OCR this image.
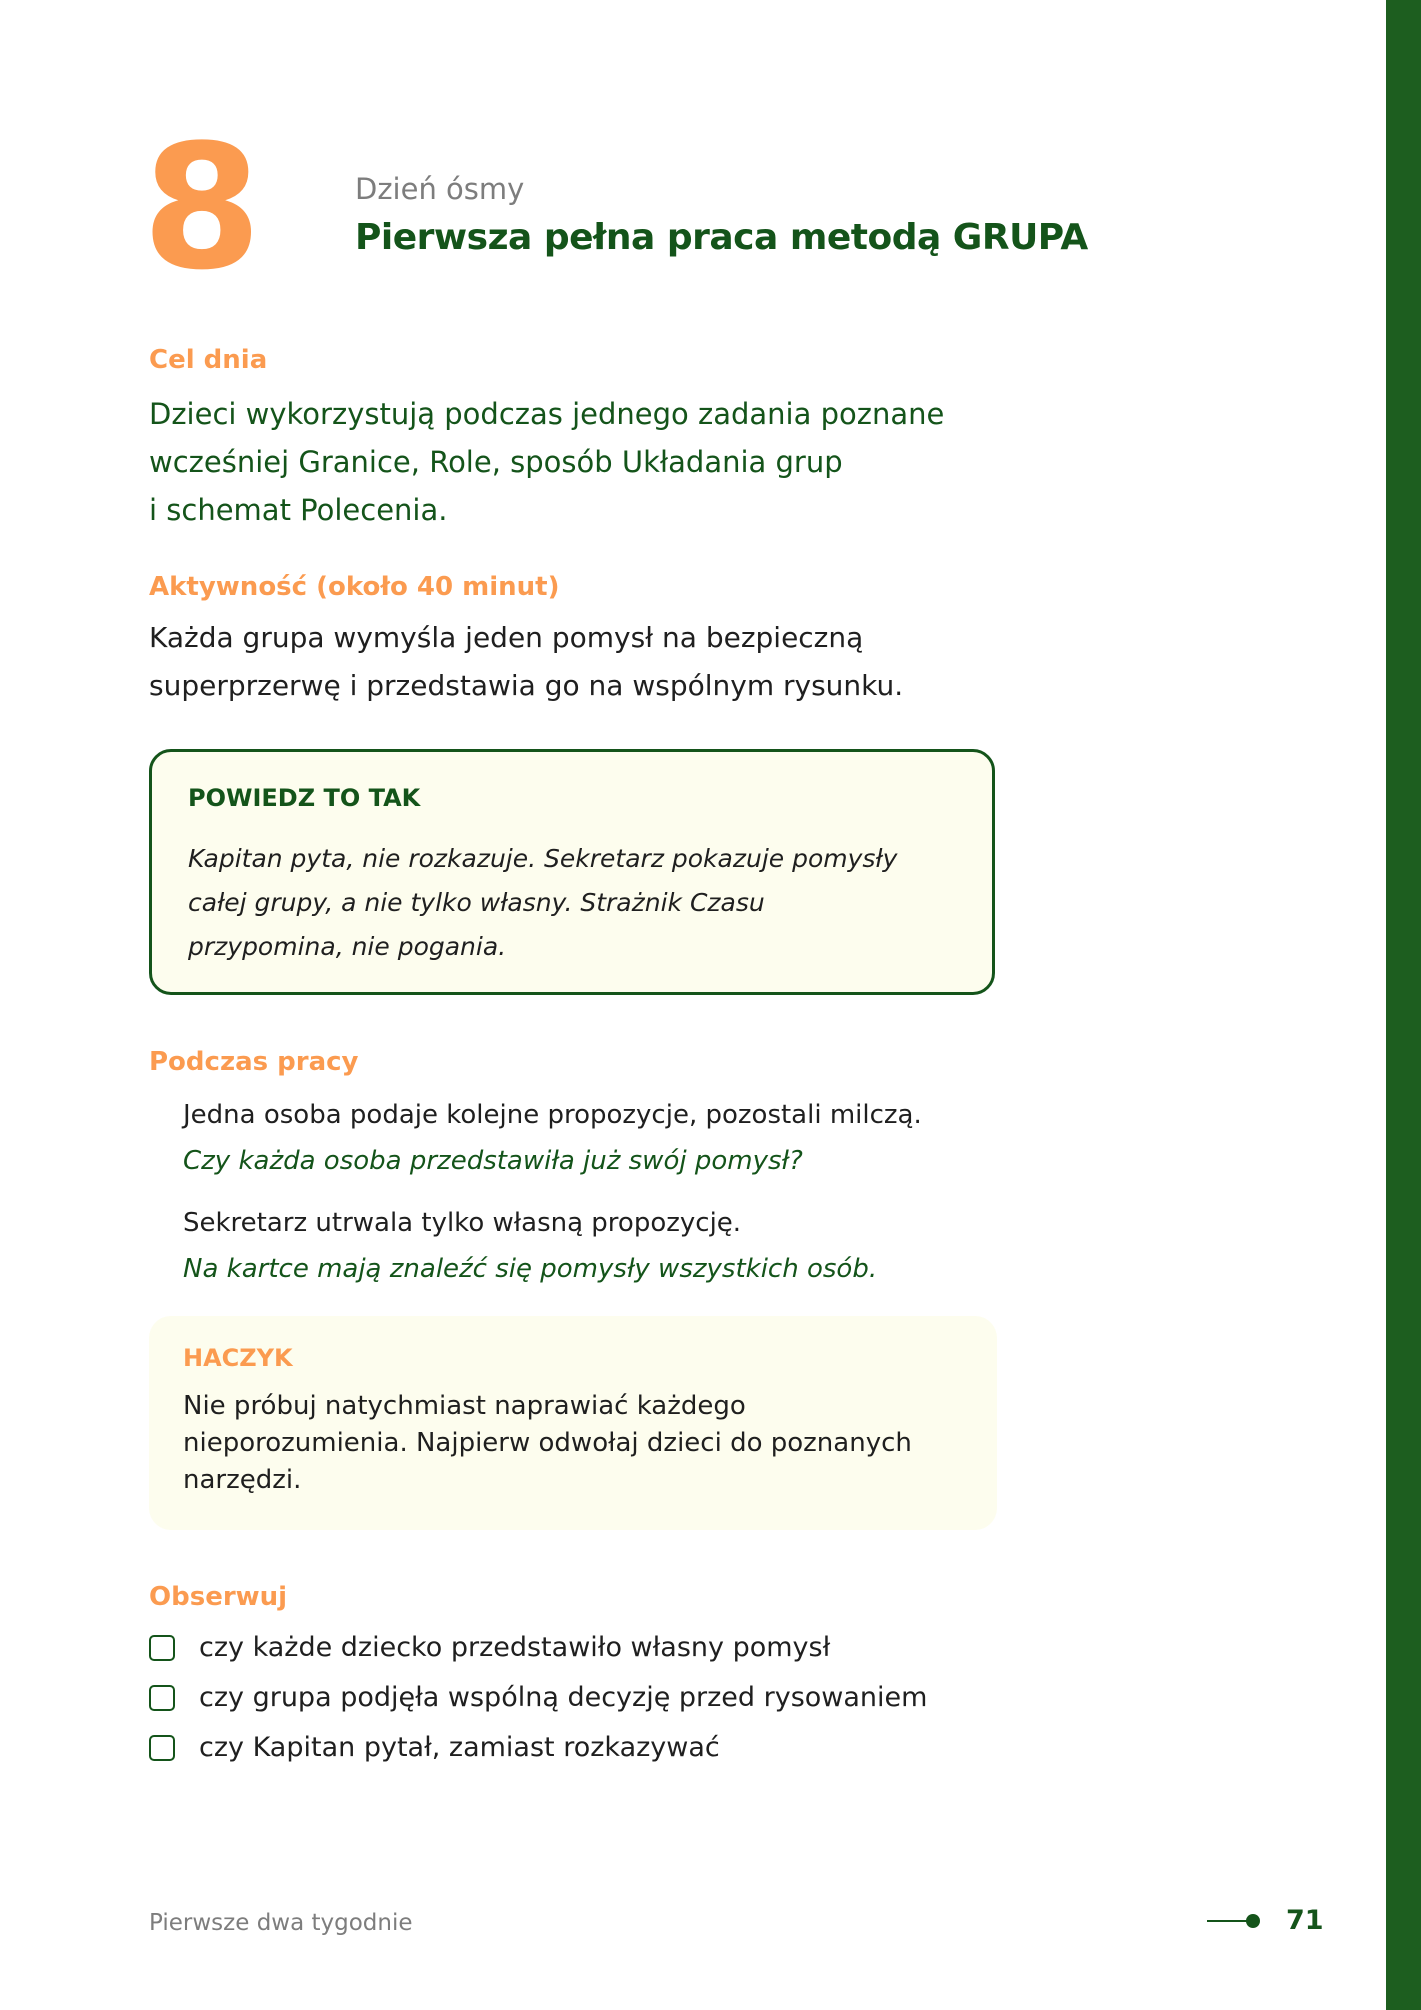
8	Dzień ósmy
Pierwsza pełna praca metodą GRUPA
Cel dnia
Dzieci wykorzystują podczas jednego zadania poznane
wcześniej Granice, Role, sposób Układania grup
i schemat Polecenia.
Aktywność (około 40 minut)
Każda grupa wymyśla jeden pomysł na bezpieczną
superprzerwę i przedstawia go na wspólnym rysunku.
POWIEDZ TO TAK
Kapitan pyta, nie rozkazuje. Sekretarz pokazuje pomysły
całej grupy, a nie tylko własny. Strażnik Czasu
przypomina, nie pogania.
Podczas pracy
Jedna osoba podaje kolejne propozycje, pozostali milczą.
Czy każda osoba przedstawiła już swój pomysł?
Sekretarz utrwala tylko własną propozycję.
Na kartce mają znaleźć się pomysły wszystkich osób.
HACZYK
Nie próbuj natychmiast naprawiać każdego
nieporozumienia. Najpierw odwołaj dzieci do poznanych
narzędzi.
Obserwuj
czy każde dziecko przedstawiło własny pomysł
czy grupa podjęła wspólną decyzję przed rysowaniem
czy Kapitan pytał, zamiast rozkazywać
Pierwsze dwa tygodnie	71
